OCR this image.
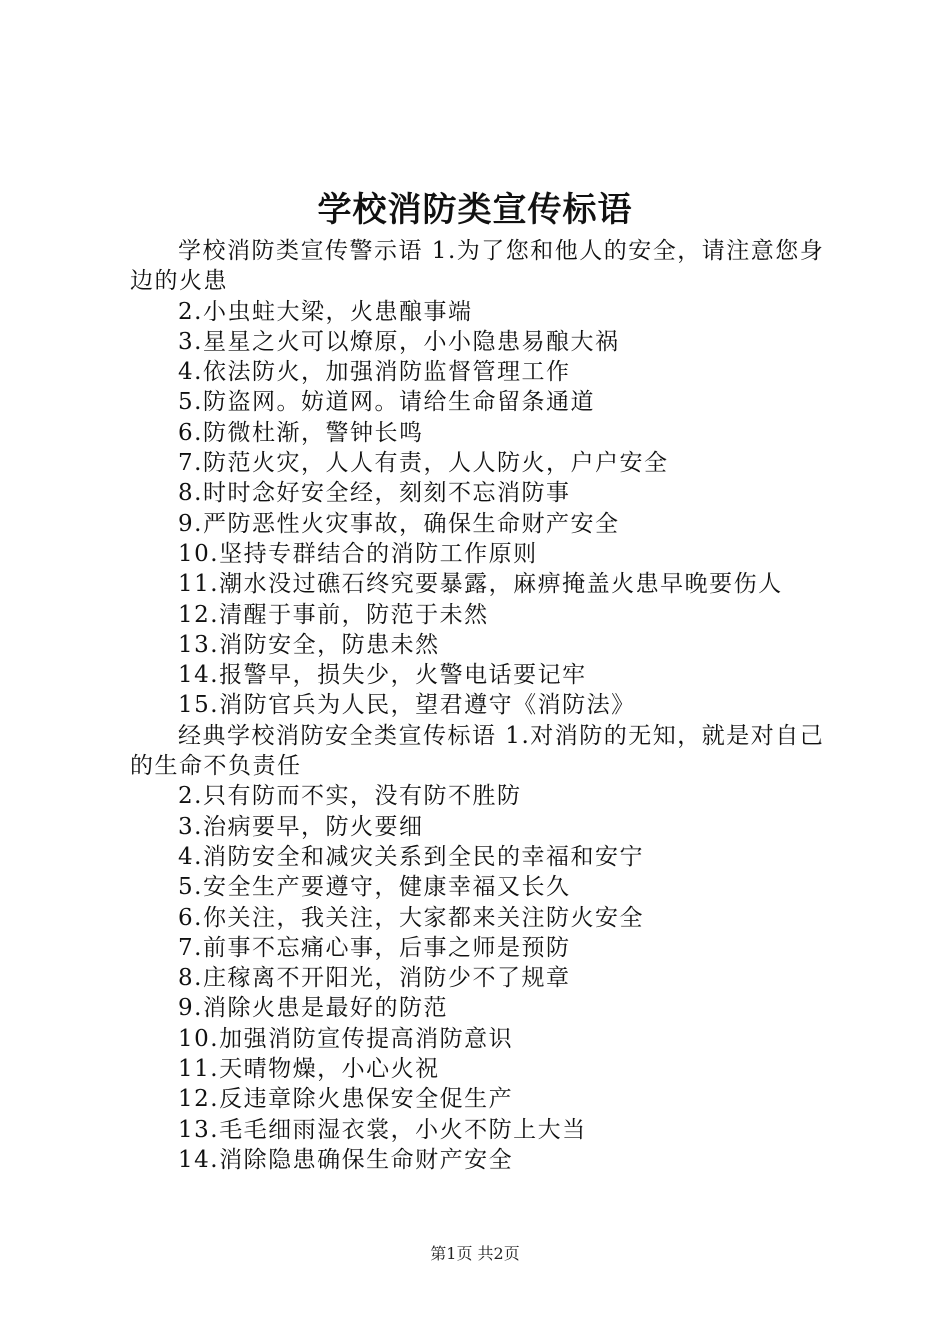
学校消防类宣传标语

学校消防类宣传警示语 1.为了您和他人的安全，请注意您身边的火患

2.小虫蛀大梁，火患酿事端

3.星星之火可以燎原，小小隐患易酿大祸

4.依法防火，加强消防监督管理工作

5.防盗网。妨道网。请给生命留条通道

6.防微杜渐，警钟长鸣

7.防范火灾，人人有责，人人防火，户户安全

8.时时念好安全经，刻刻不忘消防事

9.严防恶性火灾事故，确保生命财产安全

10.坚持专群结合的消防工作原则

11.潮水没过礁石终究要暴露，麻痹掩盖火患早晚要伤人

12.清醒于事前，防范于未然

13.消防安全，防患未然

14.报警早，损失少，火警电话要记牢

15.消防官兵为人民，望君遵守《消防法》

经典学校消防安全类宣传标语 1.对消防的无知，就是对自己的生命不负责任

2.只有防而不实，没有防不胜防

3.治病要早，防火要细

4.消防安全和减灾关系到全民的幸福和安宁

5.安全生产要遵守，健康幸福又长久

6.你关注，我关注，大家都来关注防火安全

7.前事不忘痛心事，后事之师是预防

8.庄稼离不开阳光，消防少不了规章

9.消除火患是最好的防范

10.加强消防宣传提高消防意识

11.天晴物燥，小心火祝

12.反违章除火患保安全促生产

13.毛毛细雨湿衣裳，小火不防上大当

14.消除隐患确保生命财产安全

第1页 共2页
